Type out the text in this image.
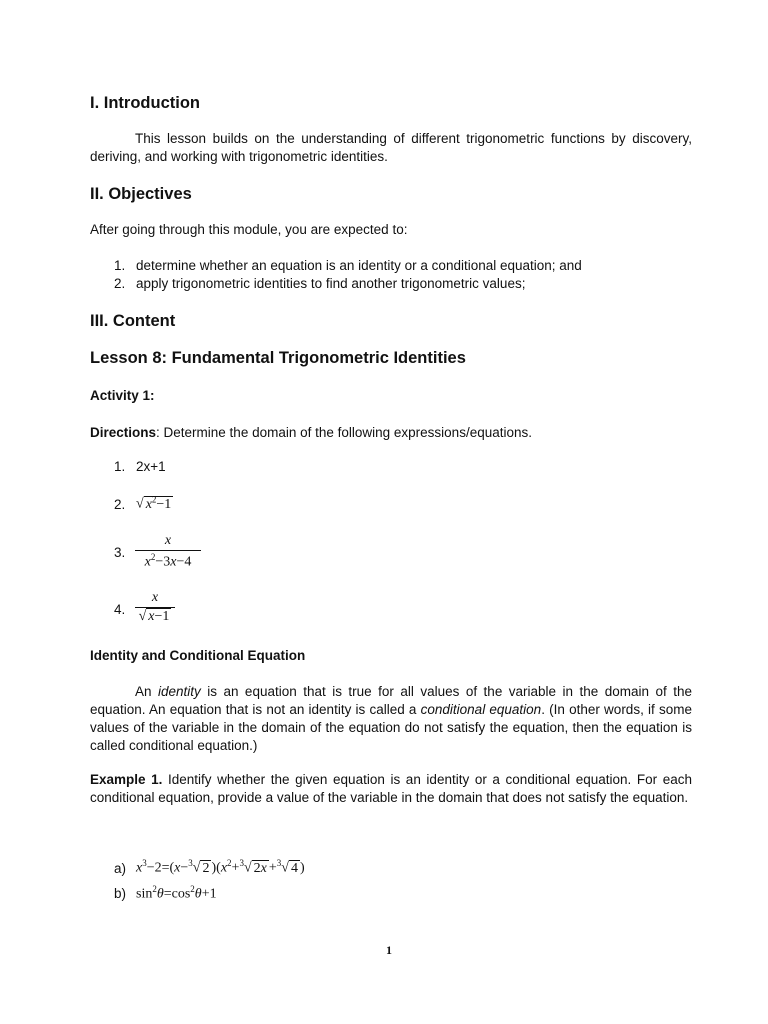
I. Introduction
This lesson builds on the understanding of different trigonometric functions by discovery, deriving, and working with trigonometric identities.
II. Objectives
After going through this module, you are expected to:
1. determine whether an equation is an identity or a conditional equation; and
2. apply trigonometric identities to find another trigonometric values;
III. Content
Lesson 8: Fundamental Trigonometric Identities
Activity 1:
Directions: Determine the domain of the following expressions/equations.
1. 2x+1
2. √ $x^2-1$
3. $\frac{x}{x^2-3x-4}$
4. $\frac{x}{√ x-1}$
Identity and Conditional Equation
An identity is an equation that is true for all values of the variable in the domain of the equation. An equation that is not an identity is called a conditional equation. (In other words, if some values of the variable in the domain of the equation do not satisfy the equation, then the equation is called conditional equation.)
Example 1. Identify whether the given equation is an identity or a conditional equation. For each conditional equation, provide a value of the variable in the domain that does not satisfy the equation.
a) $x^3-2=(x-^3√$ 2 )($x^2+^3√$ 2x +$^3$√ 4 )
b) $\sin^2\theta=\cos^2\theta+1$
1
